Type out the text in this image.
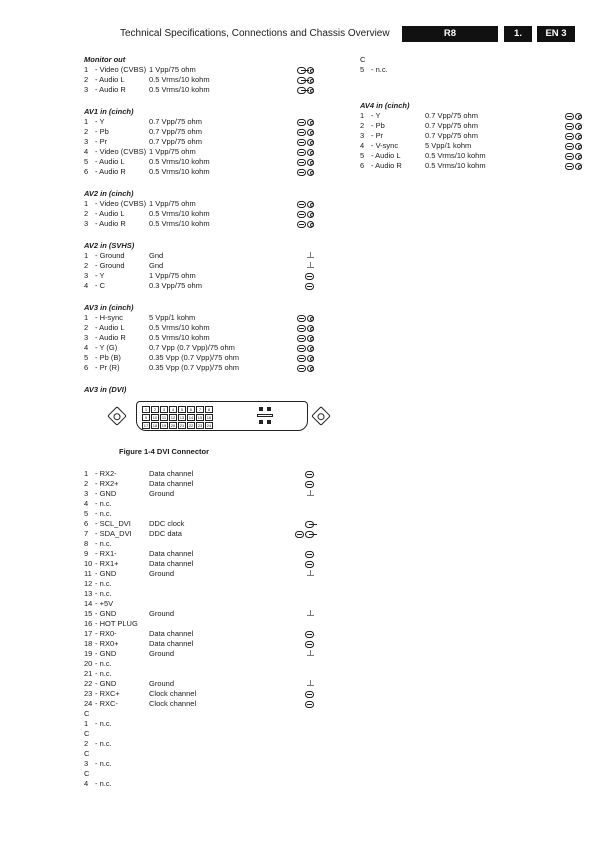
Technical Specifications, Connections and Chassis Overview	R8	1.	EN 3
Monitor out
1 - Video (CVBS) 1 Vpp/75 ohm
2 - Audio L	0.5 Vrms/10 kohm
3 - Audio R	0.5 Vrms/10 kohm
AV1 in (cinch)
1 - Y	0.7 Vpp/75 ohm
2 - Pb	0.7 Vpp/75 ohm
3 - Pr	0.7 Vpp/75 ohm
4 - Video (CVBS) 1 Vpp/75 ohm
5 - Audio L	0.5 Vrms/10 kohm
6 - Audio R	0.5 Vrms/10 kohm
AV2 in (cinch)
1 - Video (CVBS) 1 Vpp/75 ohm
2 - Audio L	0.5 Vrms/10 kohm
3 - Audio R	0.5 Vrms/10 kohm
AV2 in (SVHS)
1 - Ground	Gnd
2 - Ground	Gnd
3 - Y	1 Vpp/75 ohm
4 - C	0.3 Vpp/75 ohm
AV3 in (cinch)
1 - H-sync	5 Vpp/1 kohm
2 - Audio L	0.5 Vrms/10 kohm
3 - Audio R	0.5 Vrms/10 kohm
4 - Y (G)	0.7 Vpp (0.7 Vpp)/75 ohm
5 - Pb (B)	0.35 Vpp (0.7 Vpp)/75 ohm
6 - Pr (R)	0.35 Vpp (0.7 Vpp)/75 ohm
AV3 in (DVI)
1	2	3	4	5	6	7	8
9	10	11	12	13	14	15	16
17	18	19	20	21	22	23	24
Figure 1-4 DVI Connector
1 - RX2-	Data channel
2 - RX2+	Data channel
3 - GND	Ground
4 - n.c.
5 - n.c.
6 - SCL_DVI DDC clock
7 - SDA_DVI DDC data
8 - n.c.
9 - RX1-	Data channel
10 - RX1+	Data channel
11 - GND	Ground
12 - n.c.
13 - n.c.
14 - +5V
15 - GND	Ground
16 - HOT PLUG
17 - RX0-	Data channel
18 - RX0+	Data channel
19 - GND	Ground
20 - n.c.
21 - n.c.
22 - GND	Ground
23 - RXC+	Clock channel
24 - RXC-	Clock channel
C
1 - n.c.
C
2 - n.c.
C
3 - n.c.
C
4 - n.c.
C
5 - n.c.
AV4 in (cinch)
1 - Y	0.7 Vpp/75 ohm
2 - Pb	0.7 Vpp/75 ohm
3 - Pr	0.7 Vpp/75 ohm
4 - V-sync	5 Vpp/1 kohm
5 - Audio L	0.5 Vrms/10 kohm
6 - Audio R	0.5 Vrms/10 kohm
